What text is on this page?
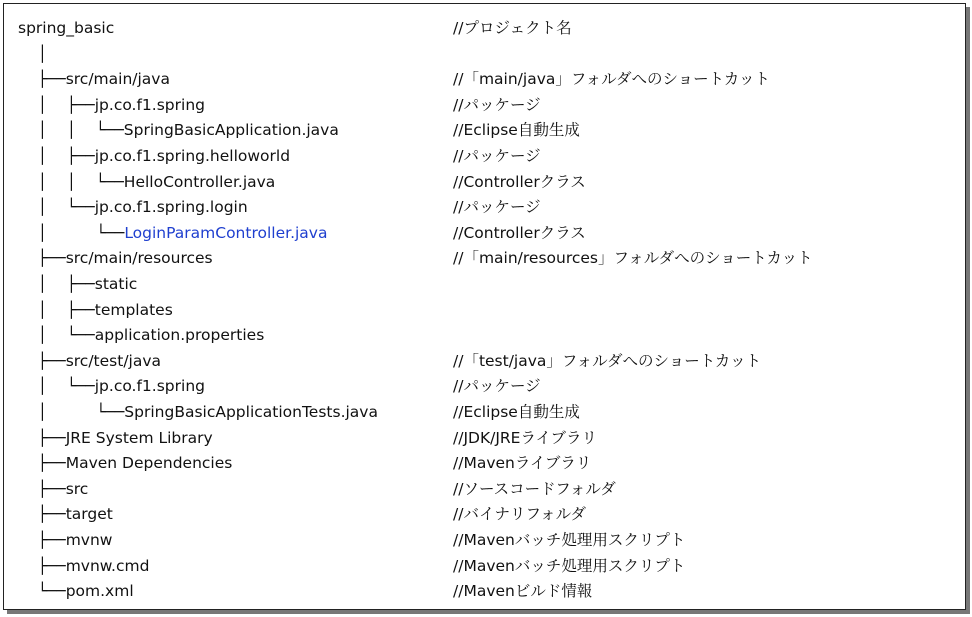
spring_basic	//プロジェクト名
│
├──src/main/java	//「main/java」フォルダへのショートカット
│    ├──jp.co.f1.spring	//パッケージ
│    │    └──SpringBasicApplication.java	//Eclipse自動生成
│    ├──jp.co.f1.spring.helloworld	//パッケージ
│    │    └──HelloController.java	//Controllerクラス
│    └──jp.co.f1.spring.login	//パッケージ
│          └──LoginParamController.java	//Controllerクラス
├──src/main/resources	//「main/resources」フォルダへのショートカット
│    ├──static
│    ├──templates
│    └──application.properties
├──src/test/java	//「test/java」フォルダへのショートカット
│    └──jp.co.f1.spring	//パッケージ
│          └──SpringBasicApplicationTests.java	//Eclipse自動生成
├──JRE System Library	//JDK/JREライブラリ
├──Maven Dependencies	//Mavenライブラリ
├──src	//ソースコードフォルダ
├──target	//バイナリフォルダ
├──mvnw	//Mavenバッチ処理用スクリプト
├──mvnw.cmd	//Mavenバッチ処理用スクリプト
└──pom.xml	//Mavenビルド情報
